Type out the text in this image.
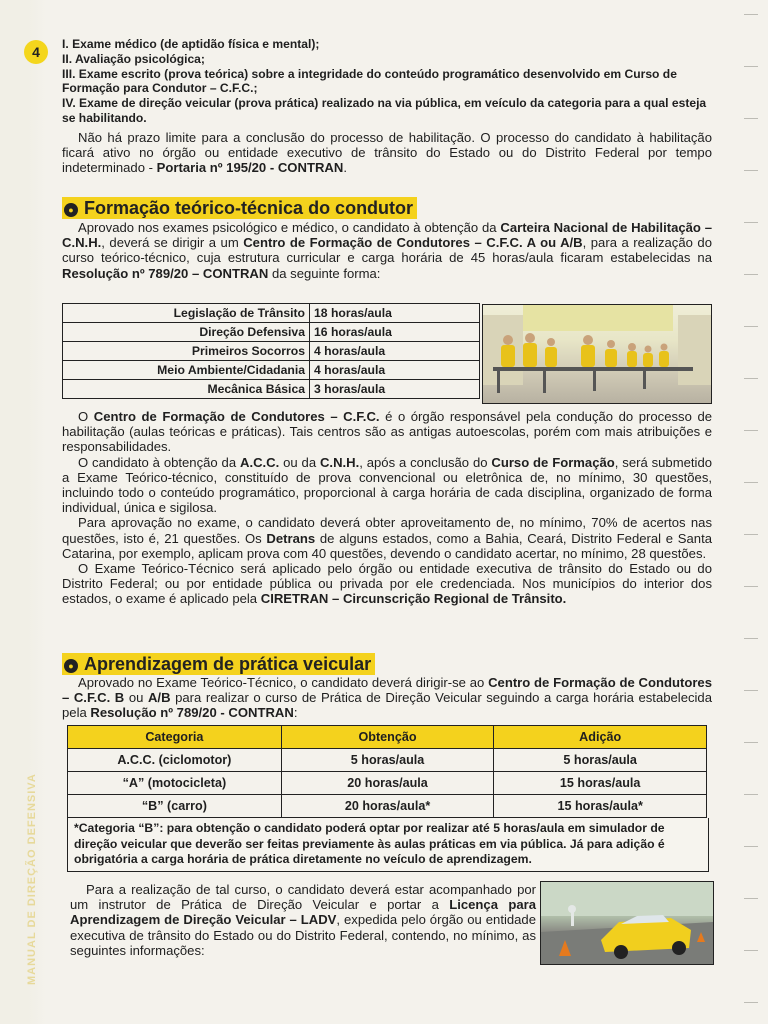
MANUAL DE DIREÇÃO DEFENSIVA
4	I. Exame médico (de aptidão física e mental);

II. Avaliação psicológica;

III. Exame escrito (prova teórica) sobre a integridade do conteúdo programático desenvolvido em Curso de Formação para Condutor – C.F.C.;

IV. Exame de direção veicular (prova prática) realizado na via pública, em veículo da categoria para a qual esteja se habilitando.

Não há prazo limite para a conclusão do processo de habilitação. O processo do candidato à habilitação ficará ativo no órgão ou entidade executivo de trânsito do Estado ou do Distrito Federal por tempo indeterminado - Portaria nº 195/20 - CONTRAN.

● Formação teórico-técnica do condutor

Aprovado nos exames psicológico e médico, o candidato à obtenção da Carteira Nacional de Habilitação – C.N.H., deverá se dirigir a um Centro de Formação de Condutores – C.F.C. A ou A/B, para a realização do curso teórico-técnico, cuja estrutura curricular e carga horária de 45 horas/aula ficaram estabelecidas na Resolução nº 789/20 – CONTRAN da seguinte forma:

Legislação de Trânsito	18 horas/aula
Direção Defensiva	16 horas/aula
Primeiros Socorros	4 horas/aula
Meio Ambiente/Cidadania	4 horas/aula
Mecânica Básica	3 horas/aula

O Centro de Formação de Condutores – C.F.C. é o órgão responsável pela condução do processo de habilitação (aulas teóricas e práticas). Tais centros são as antigas autoescolas, porém com mais atribuições e responsabilidades.

O candidato à obtenção da A.C.C. ou da C.N.H., após a conclusão do Curso de Formação, será submetido a Exame Teórico-técnico, constituído de prova convencional ou eletrônica de, no mínimo, 30 questões, incluindo todo o conteúdo programático, proporcional à carga horária de cada disciplina, organizado de forma individual, única e sigilosa.

Para aprovação no exame, o candidato deverá obter aproveitamento de, no mínimo, 70% de acertos nas questões, isto é, 21 questões. Os Detrans de alguns estados, como a Bahia, Ceará, Distrito Federal e Santa Catarina, por exemplo, aplicam prova com 40 questões, devendo o candidato acertar, no mínimo, 28 questões.

O Exame Teórico-Técnico será aplicado pelo órgão ou entidade executiva de trânsito do Estado ou do Distrito Federal; ou por entidade pública ou privada por ele credenciada. Nos municípios do interior dos estados, o exame é aplicado pela CIRETRAN – Circunscrição Regional de Trânsito.

● Aprendizagem de prática veicular

Aprovado no Exame Teórico-Técnico, o candidato deverá dirigir-se ao Centro de Formação de Condutores – C.F.C. B ou A/B para realizar o curso de Prática de Direção Veicular seguindo a carga horária estabelecida pela Resolução nº 789/20 - CONTRAN:

Categoria	Obtenção	Adição
A.C.C. (ciclomotor)	5 horas/aula	5 horas/aula
“A” (motocicleta)	20 horas/aula	15 horas/aula
“B” (carro)	20 horas/aula*	15 horas/aula*
*Categoria “B”: para obtenção o candidato poderá optar por realizar até 5 horas/aula em simulador de direção veicular que deverão ser feitas previamente às aulas práticas em via pública. Já para adição é obrigatória a carga horária de prática diretamente no veículo de aprendizagem.

Para a realização de tal curso, o candidato deverá estar acompanhado por um instrutor de Prática de Direção Veicular e portar a Licença para Aprendizagem de Direção Veicular – LADV, expedida pelo órgão ou entidade executiva de trânsito do Estado ou do Distrito Federal, contendo, no mínimo, as seguintes informações:
